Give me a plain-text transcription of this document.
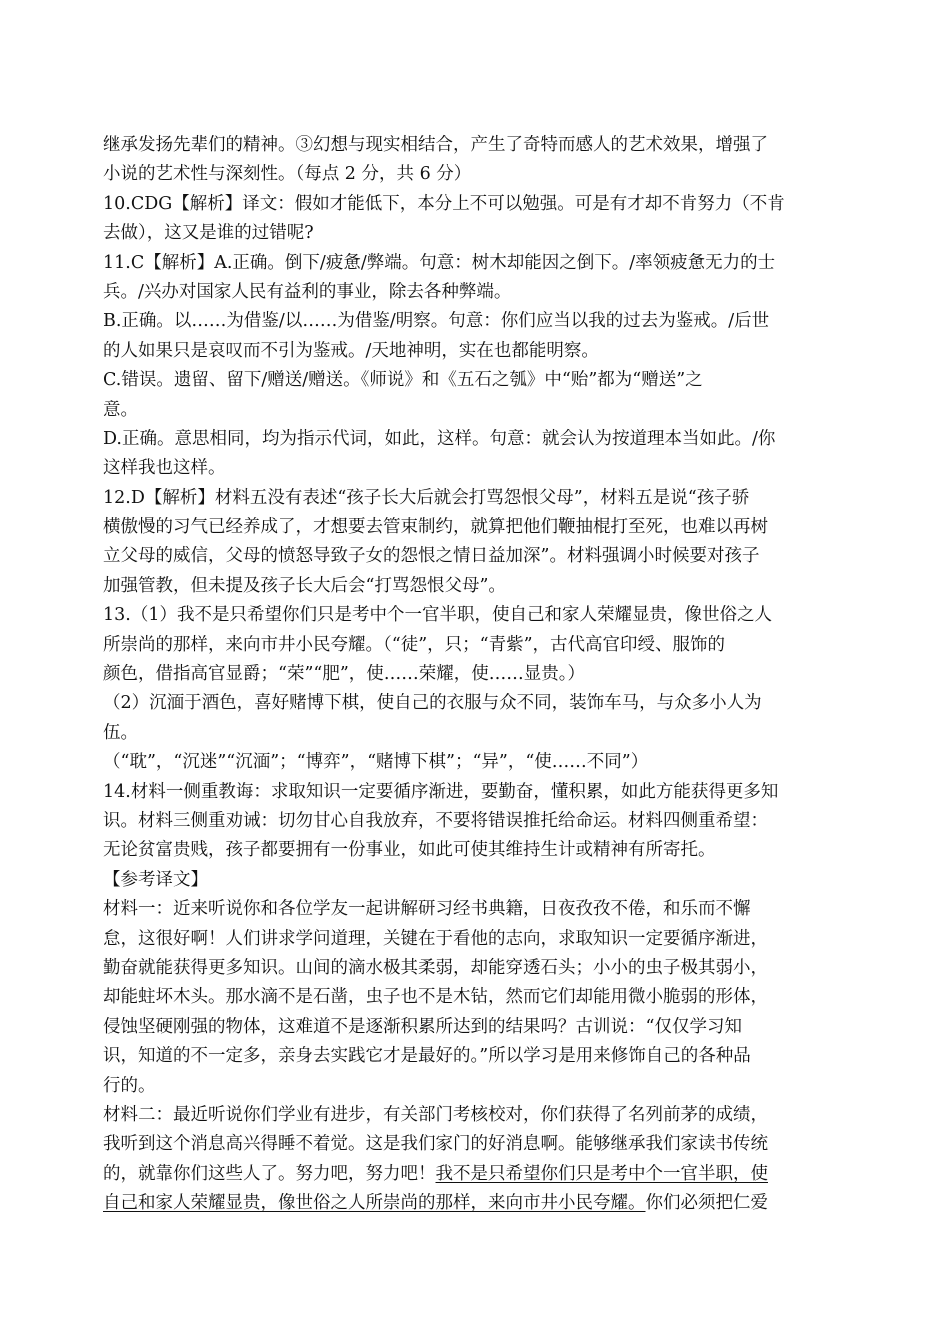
继承发扬先辈们的精神。③幻想与现实相结合，产生了奇特而感人的艺术效果，增强了
小说的艺术性与深刻性。（每点 2 分，共 6 分）
10.CDG【解析】译文：假如才能低下，本分上不可以勉强。可是有才却不肯努力（不肯
去做），这又是谁的过错呢?
11.C【解析】A.正确。倒下/疲惫/弊端。句意：树木却能因之倒下。/率领疲惫无力的士
兵。/兴办对国家人民有益利的事业，除去各种弊端。
B.正确。以……为借鉴/以……为借鉴/明察。句意：你们应当以我的过去为鉴戒。/后世
的人如果只是哀叹而不引为鉴戒。/天地神明，实在也都能明察。
C.错误。遗留、留下/赠送/赠送。《师说》和《五石之瓠》中“贻”都为“赠送”之
意。
D.正确。意思相同，均为指示代词，如此，这样。句意：就会认为按道理本当如此。/你
这样我也这样。
12.D【解析】材料五没有表述“孩子长大后就会打骂怨恨父母”，材料五是说“孩子骄
横傲慢的习气已经养成了，才想要去管束制约，就算把他们鞭抽棍打至死，也难以再树
立父母的威信，父母的愤怒导致子女的怨恨之情日益加深”。材料强调小时候要对孩子
加强管教，但未提及孩子长大后会“打骂怨恨父母”。
13.（1）我不是只希望你们只是考中个一官半职，使自己和家人荣耀显贵，像世俗之人
所崇尚的那样，来向市井小民夸耀。（“徒”，只；“青紫”，古代高官印绶、服饰的
颜色，借指高官显爵；“荣”“肥”，使……荣耀，使……显贵。）
（2）沉湎于酒色，喜好赌博下棋，使自己的衣服与众不同，装饰车马，与众多小人为
伍。
（“耽”，“沉迷”“沉湎”；“博弈”，“赌博下棋”；“异”，“使……不同”）
14.材料一侧重教诲：求取知识一定要循序渐进，要勤奋，懂积累，如此方能获得更多知
识。材料三侧重劝诫：切勿甘心自我放弃，不要将错误推托给命运。材料四侧重希望：
无论贫富贵贱，孩子都要拥有一份事业，如此可使其维持生计或精神有所寄托。
【参考译文】
材料一：近来听说你和各位学友一起讲解研习经书典籍，日夜孜孜不倦，和乐而不懈
怠，这很好啊！人们讲求学问道理，关键在于看他的志向，求取知识一定要循序渐进，
勤奋就能获得更多知识。山间的滴水极其柔弱，却能穿透石头；小小的虫子极其弱小，
却能蛀坏木头。那水滴不是石凿，虫子也不是木钻，然而它们却能用微小脆弱的形体，
侵蚀坚硬刚强的物体，这难道不是逐渐积累所达到的结果吗？古训说：“仅仅学习知
识，知道的不一定多，亲身去实践它才是最好的。”所以学习是用来修饰自己的各种品
行的。
材料二：最近听说你们学业有进步，有关部门考核校对，你们获得了名列前茅的成绩，
我听到这个消息高兴得睡不着觉。这是我们家门的好消息啊。能够继承我们家读书传统
的，就靠你们这些人了。努力吧，努力吧！我不是只希望你们只是考中个一官半职，使
自己和家人荣耀显贵，像世俗之人所崇尚的那样，来向市井小民夸耀。你们必须把仁爱
